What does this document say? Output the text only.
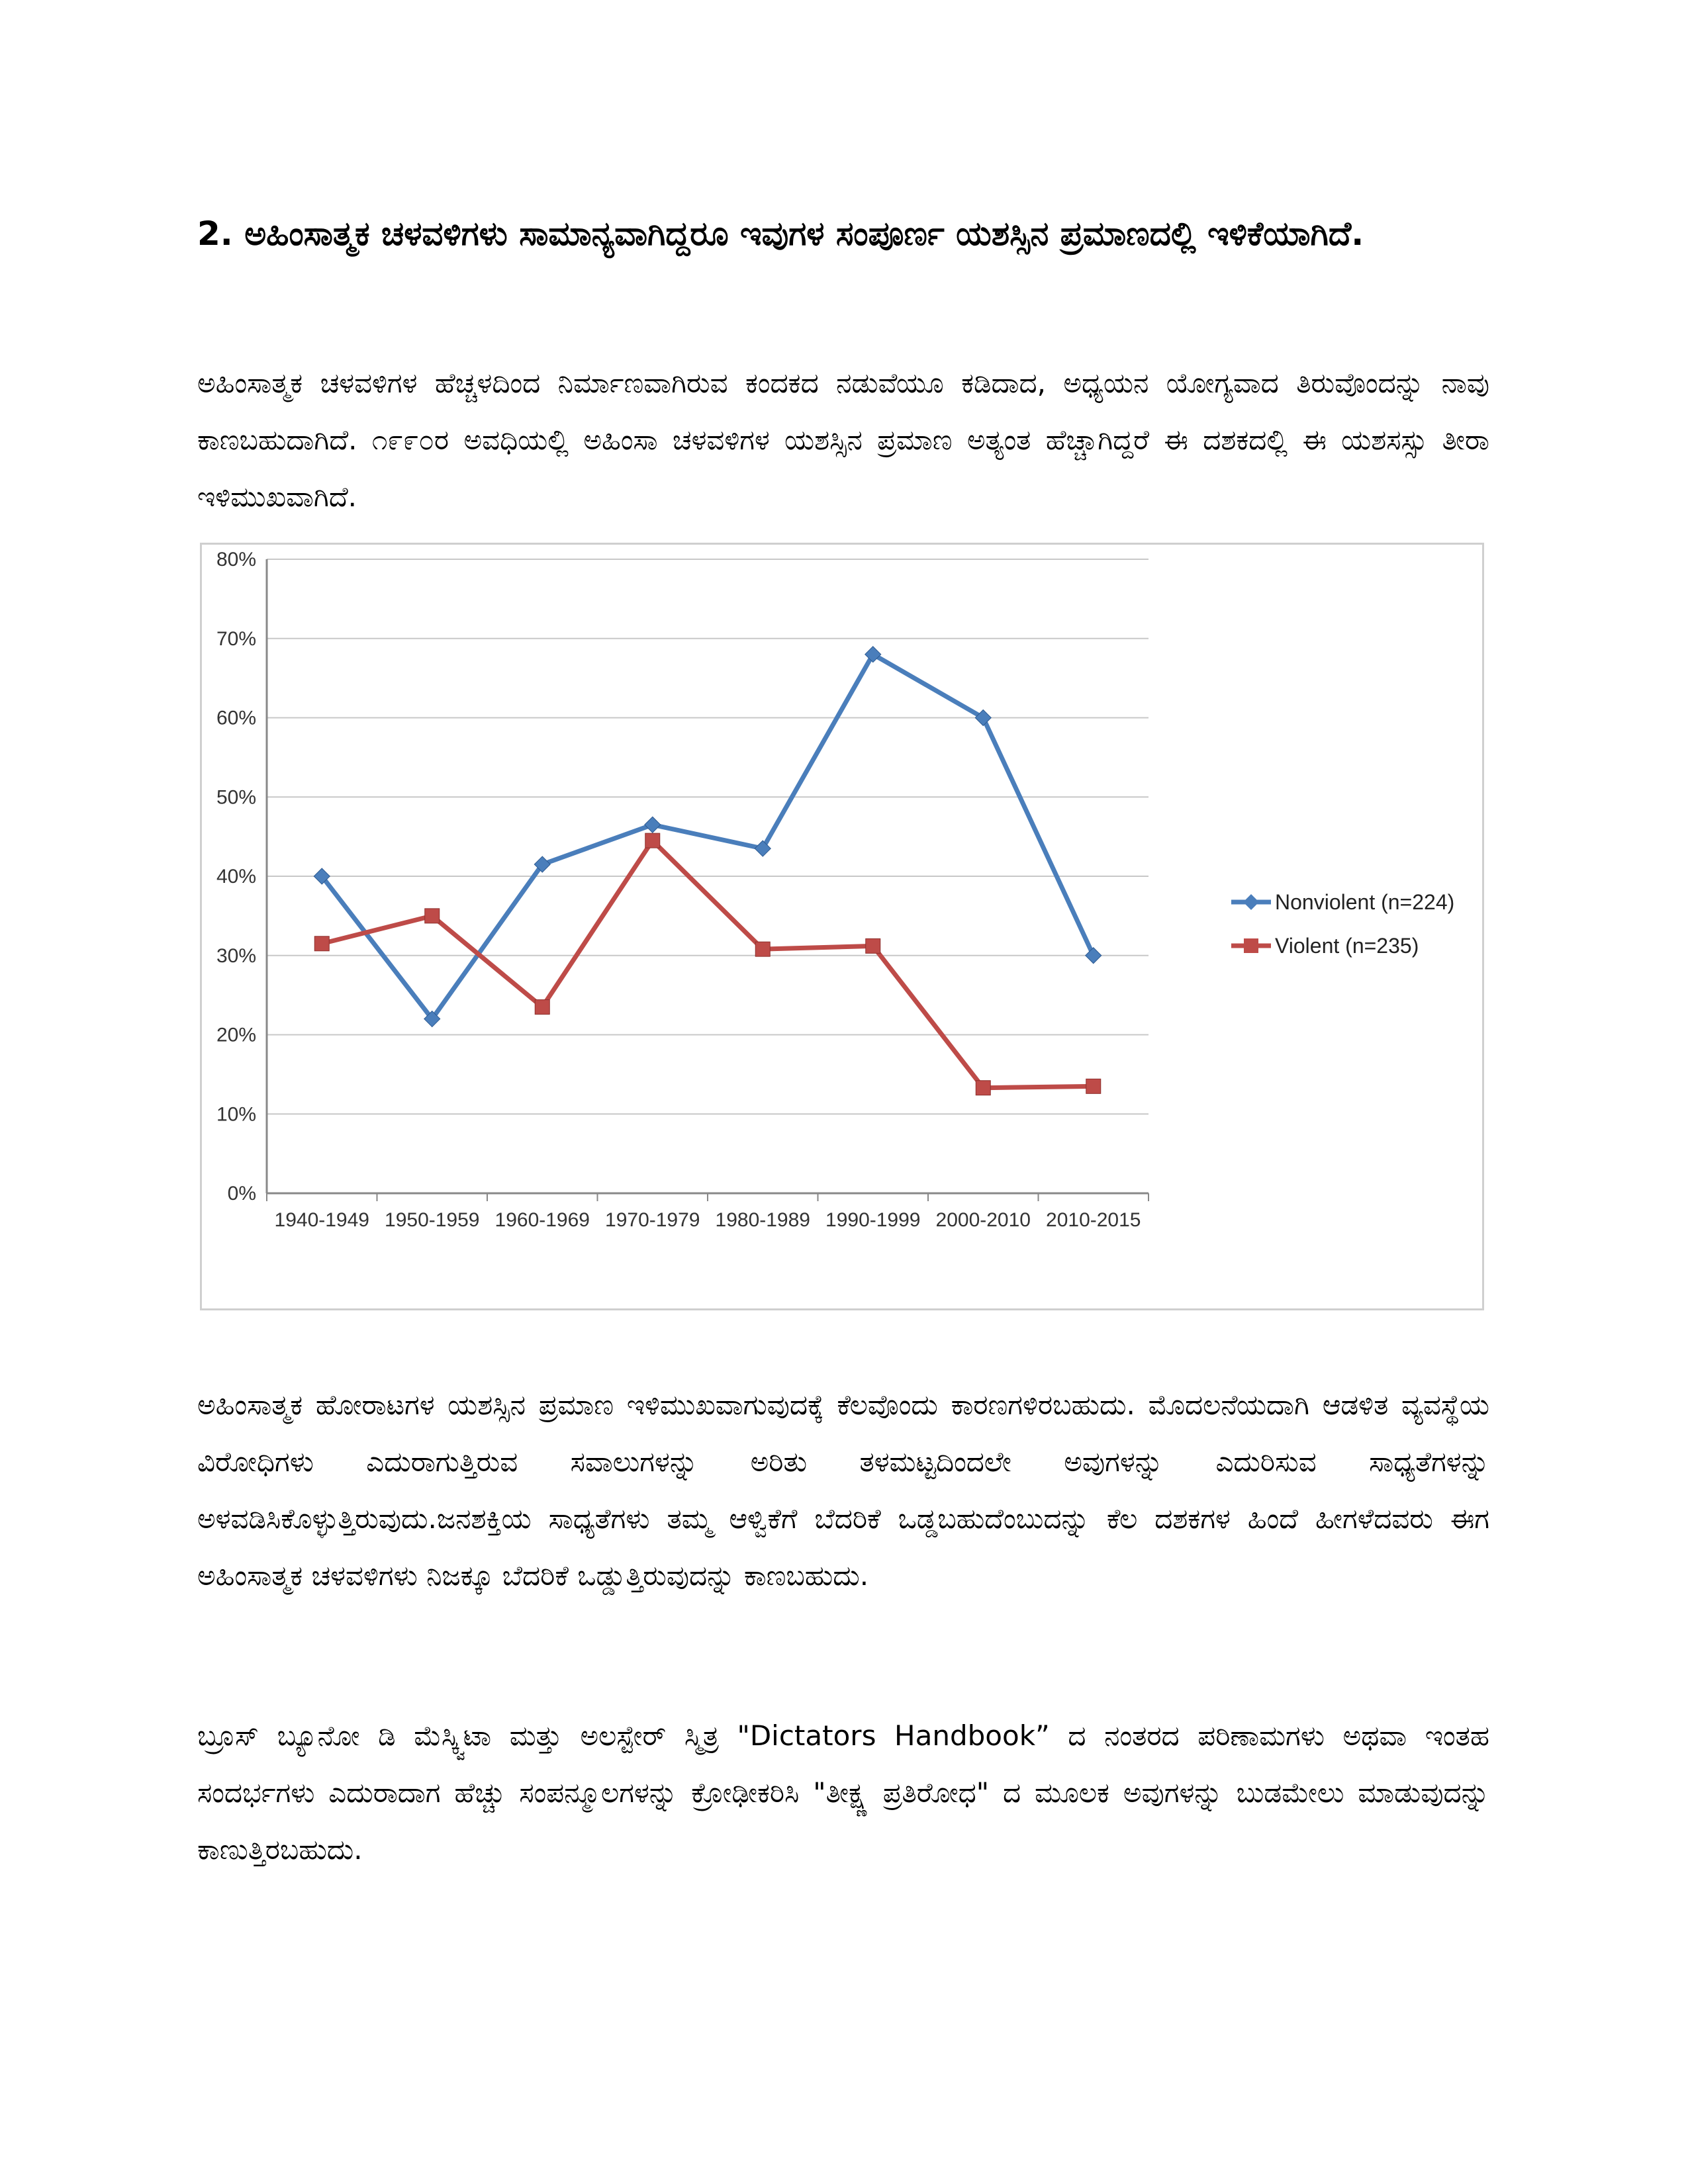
2. ಅಹಿಂಸಾತ್ಮಕ ಚಳವಳಿಗಳು ಸಾಮಾನ್ಯವಾಗಿದ್ದರೂ ಇವುಗಳ ಸಂಪೂರ್ಣ ಯಶಸ್ಸಿನ ಪ್ರಮಾಣದಲ್ಲಿ ಇಳಿಕೆಯಾಗಿದೆ.

ಅಹಿಂಸಾತ್ಮಕ ಚಳವಳಿಗಳ ಹೆಚ್ಚಳದಿಂದ ನಿರ್ಮಾಣವಾಗಿರುವ ಕಂದಕದ ನಡುವೆಯೂ ಕಡಿದಾದ, ಅಧ್ಯಯನ ಯೋಗ್ಯವಾದ ತಿರುವೊಂದನ್ನು ನಾವು ಕಾಣಬಹುದಾಗಿದೆ. ೧೯೯೦ರ ಅವಧಿಯಲ್ಲಿ ಅಹಿಂಸಾ ಚಳವಳಿಗಳ ಯಶಸ್ಸಿನ ಪ್ರಮಾಣ ಅತ್ಯಂತ ಹೆಚ್ಚಾಗಿದ್ದರೆ ಈ ದಶಕದಲ್ಲಿ ಈ ಯಶಸಸ್ಸು ತೀರಾ ಇಳಿಮುಖವಾಗಿದೆ.

0%
10%
20%
30%
40%
50%
60%
70%
80%
1940-1949 1950-1959 1960-1969 1970-1979 1980-1989 1990-1999 2000-2010 2010-2015
Nonviolent (n=224)
Violent (n=235)

ಅಹಿಂಸಾತ್ಮಕ ಹೋರಾಟಗಳ ಯಶಸ್ಸಿನ ಪ್ರಮಾಣ ಇಳಿಮುಖವಾಗುವುದಕ್ಕೆ ಕೆಲವೊಂದು ಕಾರಣಗಳಿರಬಹುದು. ಮೊದಲನೆಯದಾಗಿ ಆಡಳಿತ ವ್ಯವಸ್ಥೆಯ ವಿರೋಧಿಗಳು ಎದುರಾಗುತ್ತಿರುವ ಸವಾಲುಗಳನ್ನು ಅರಿತು ತಳಮಟ್ಟದಿಂದಲೇ ಅವುಗಳನ್ನು ಎದುರಿಸುವ ಸಾಧ್ಯತೆಗಳನ್ನು ಅಳವಡಿಸಿಕೊಳ್ಳುತ್ತಿರುವುದು.ಜನಶಕ್ತಿಯ ಸಾಧ್ಯತೆಗಳು ತಮ್ಮ ಆಳ್ವಿಕೆಗೆ ಬೆದರಿಕೆ ಒಡ್ಡಬಹುದೆಂಬುದನ್ನು ಕೆಲ ದಶಕಗಳ ಹಿಂದೆ ಹೀಗಳೆದವರು ಈಗ ಅಹಿಂಸಾತ್ಮಕ ಚಳವಳಿಗಳು ನಿಜಕ್ಕೂ ಬೆದರಿಕೆ ಒಡ್ಡುತ್ತಿರುವುದನ್ನು ಕಾಣಬಹುದು.

ಬ್ರೂಸ್ ಬ್ಯೂನೋ ಡಿ ಮೆಸ್ಕ್ವಿಟಾ ಮತ್ತು ಅಲಸ್ಟೇರ್ ಸ್ಮಿತ್ರ "Dictators Handbook” ದ ನಂತರದ ಪರಿಣಾಮಗಳು ಅಥವಾ ಇಂತಹ ಸಂದರ್ಭಗಳು ಎದುರಾದಾಗ ಹೆಚ್ಚು ಸಂಪನ್ಮೂಲಗಳನ್ನು ಕ್ರೋಢೀಕರಿಸಿ "ತೀಕ್ಷ್ಣ ಪ್ರತಿರೋಧ" ದ ಮೂಲಕ ಅವುಗಳನ್ನು ಬುಡಮೇಲು ಮಾಡುವುದನ್ನು ಕಾಣುತ್ತಿರಬಹುದು.
